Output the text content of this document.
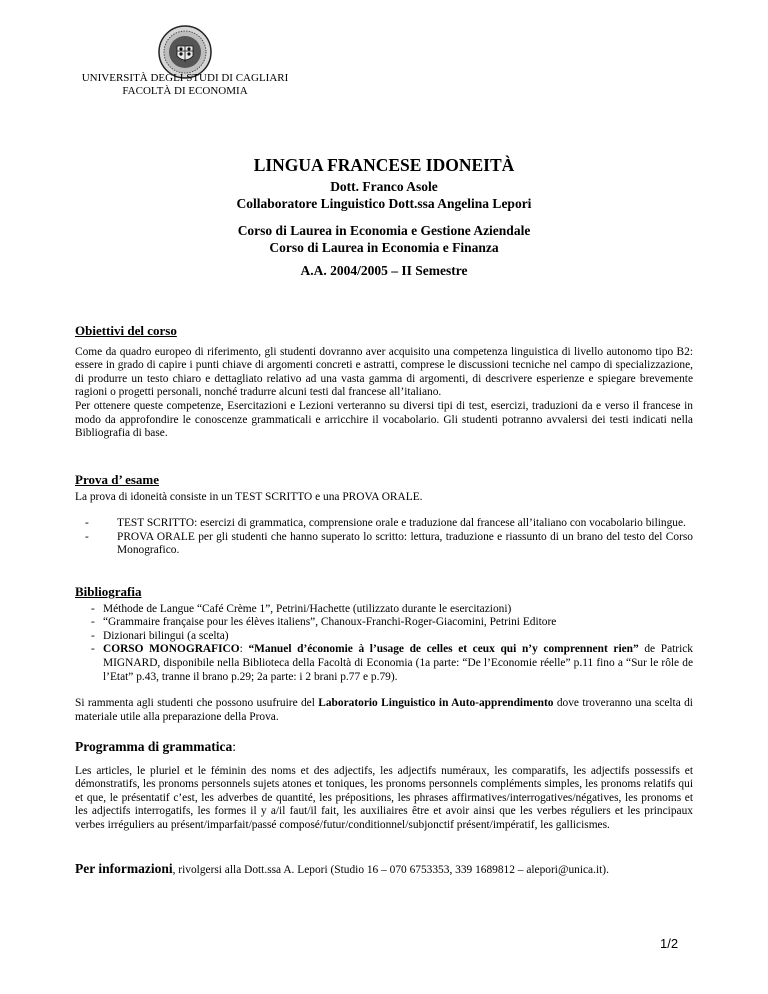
UNIVERSITÀ DEGLI STUDI DI CAGLIARI
FACOLTÀ DI ECONOMIA
LINGUA FRANCESE IDONEITÀ
Dott. Franco Asole
Collaboratore Linguistico Dott.ssa Angelina Lepori
Corso di Laurea in Economia e Gestione Aziendale
Corso di Laurea in Economia e Finanza
A.A. 2004/2005 – II Semestre
Obiettivi del corso
Come da quadro europeo di riferimento, gli studenti dovranno aver acquisito una competenza linguistica di livello autonomo tipo B2: essere in grado di capire i punti chiave di argomenti concreti e astratti, comprese le discussioni tecniche nel campo di specializzazione, di produrre un testo chiaro e dettagliato relativo ad una vasta gamma di argomenti, di descrivere esperienze e spiegare brevemente ragioni o progetti personali, nonché tradurre alcuni testi dal francese all’italiano.
Per ottenere queste competenze, Esercitazioni e Lezioni verteranno su diversi tipi di test, esercizi, traduzioni da e verso il francese in modo da approfondire le conoscenze grammaticali e arricchire il vocabolario. Gli studenti potranno avvalersi dei testi indicati nella Bibliografia di base.
Prova d’ esame
La prova di idoneità consiste in un TEST SCRITTO e una PROVA ORALE.
- TEST SCRITTO: esercizi di grammatica, comprensione orale e traduzione dal francese all’italiano con vocabolario bilingue.
- PROVA ORALE per gli studenti che hanno superato lo scritto: lettura, traduzione e riassunto di un brano del testo del Corso Monografico.
Bibliografia
- Méthode de Langue “Café Crème 1”, Petrini/Hachette (utilizzato durante le esercitazioni)
- “Grammaire française pour les élèves italiens”, Chanoux-Franchi-Roger-Giacomini, Petrini Editore
- Dizionari bilingui (a scelta)
- CORSO MONOGRAFICO: “Manuel d’économie à l’usage de celles et ceux qui n’y comprennent rien” de Patrick MIGNARD, disponibile nella Biblioteca della Facoltà di Economia (1a parte: “De l’Economie réelle” p.11 fino a “Sur le rôle de l’Etat” p.43, tranne il brano p.29; 2a parte: i 2 brani p.77 e p.79).
Si rammenta agli studenti che possono usufruire del Laboratorio Linguistico in Auto-apprendimento dove troveranno una scelta di materiale utile alla preparazione della Prova.
Programma di grammatica:
Les articles, le pluriel et le féminin des noms et des adjectifs, les adjectifs numéraux, les comparatifs, les adjectifs possessifs et démonstratifs, les pronoms personnels sujets atones et toniques, les pronoms personnels compléments simples, les pronoms relatifs qui et que, le présentatif c’est, les adverbes de quantité, les prépositions, les phrases affirmatives/interrogatives/négatives, les pronoms et les adjectifs interrogatifs, les formes il y a/il faut/il fait, les auxiliaires être et avoir ainsi que les verbes réguliers et les principaux verbes irréguliers au présent/imparfait/passé composé/futur/conditionnel/subjonctif présent/impératif, les gallicismes.
Per informazioni, rivolgersi alla Dott.ssa A. Lepori (Studio 16 – 070 6753353, 339 1689812 – alepori@unica.it).
1/2
